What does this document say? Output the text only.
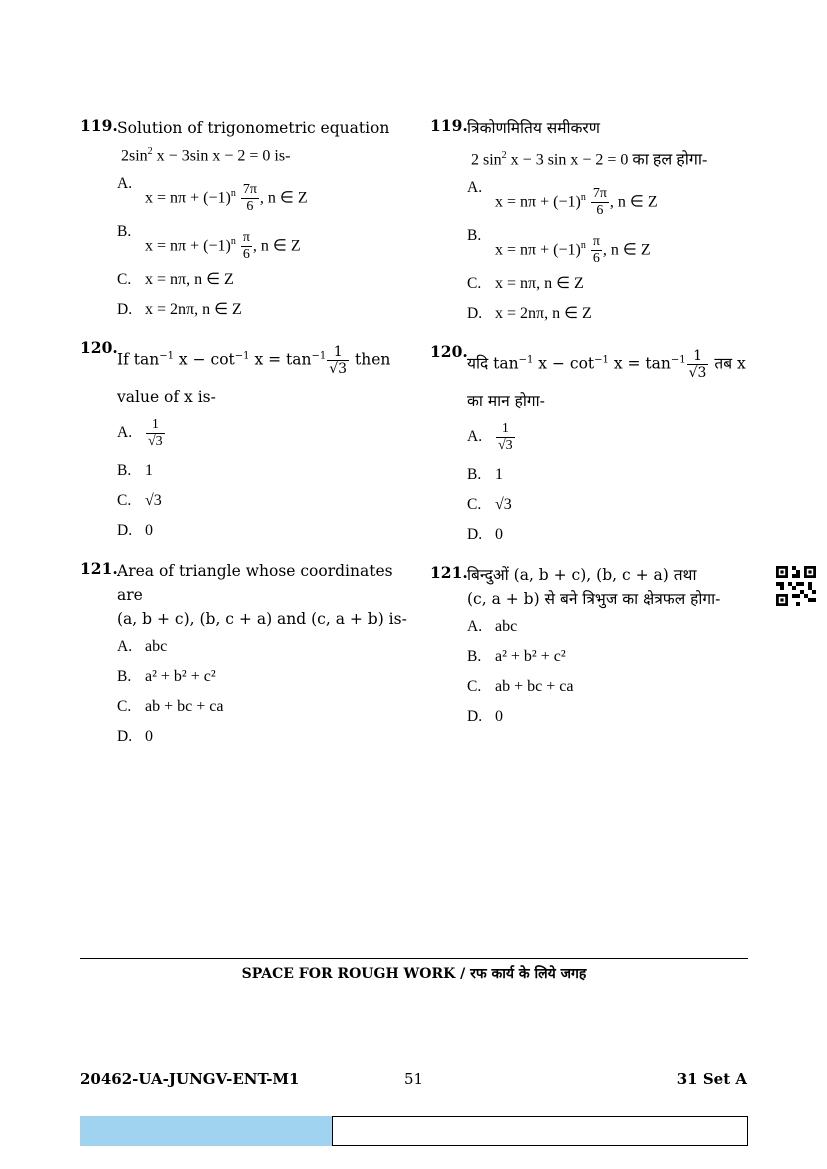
119. Solution of trigonometric equation
$2\sin^2$ x − 3sin x − 2 = 0 is-
A.
$x = n\pi + (-1)^n \frac{7\pi}{6}$ , n ∈ Z
B.
$x = n\pi + (-1)^n \frac{\pi}{6}$ , n ∈ Z
C. x = nπ, n ∈ Z
D. x = 2nπ, n ∈ Z
120.
If $\tan^{-1} x - \cot^{-1} x = \tan^{-1} \frac{1}{√3}$ then
value of x is-
A. $\frac{1}{√3}$
B. 1
C. √3
D. 0
121. Area of triangle whose coordinates are
(a, b + c), (b, c + a) and (c, a + b) is-
A. abc
B. a² + b² + c²
C. ab + bc + ca
D. 0
119. त्रिकोणमितिय समीकरण
2 $\sin^2 x - 3$ sin x − 2 = 0 का हल होगा-
A.
$x = n\pi + (-1)^n \frac{7\pi}{6}$ , n ∈ Z
B.
$x = n\pi + (-1)^n \frac{\pi}{6}$ , n ∈ Z
C. x = nπ, n ∈ Z
D. x = 2nπ, n ∈ Z
120.
यदि $\tan^{-1} x - \cot^{-1} x = \tan^{-1} \frac{1}{√3}$ तब x
का मान होगा-
A. $\frac{1}{√3}$
B. 1
C. √3
D. 0
121. बिन्दुओं (a, b + c), (b, c + a) तथा
(c, a + b) से बने त्रिभुज का क्षेत्रफल होगा-
A. abc
B. a² + b² + c²
C. ab + bc + ca
D. 0
SPACE FOR ROUGH WORK / रफ कार्य के लिये जगह
20462-UA-JUNGV-ENT-M1	51	31 Set A
